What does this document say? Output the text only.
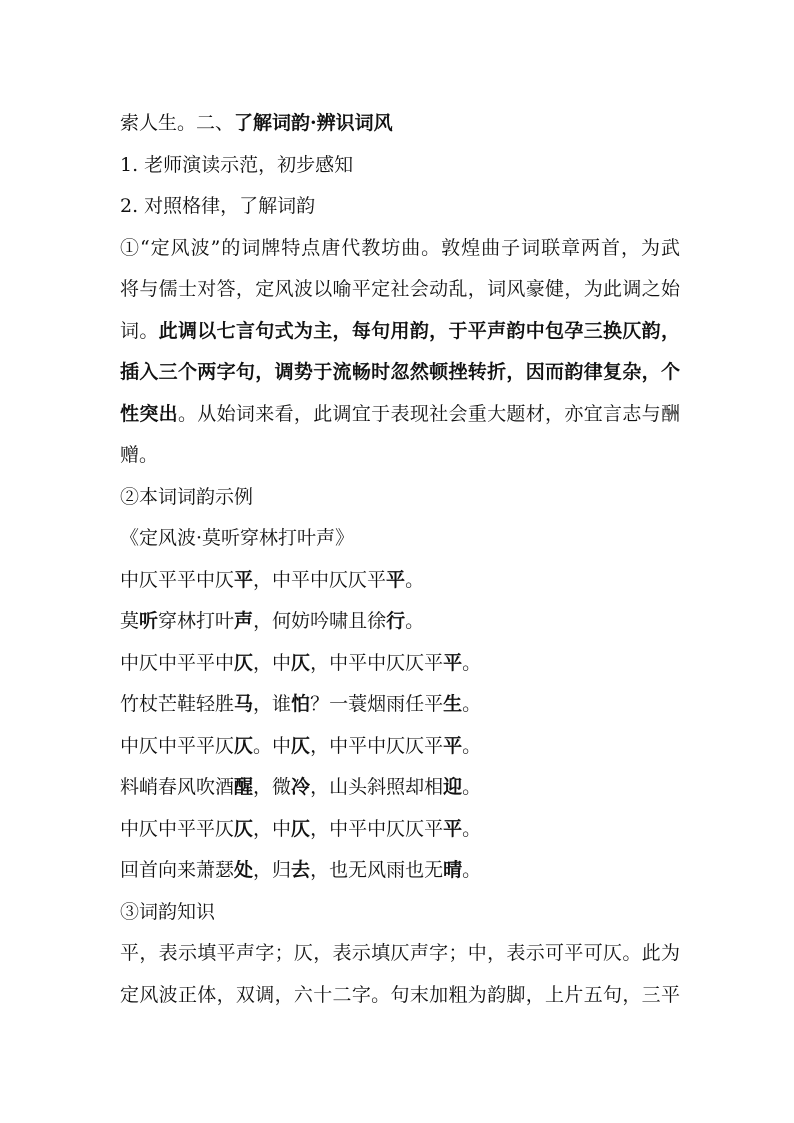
索人生。二、了解词韵·辨识词风
1. 老师演读示范，初步感知
2. 对照格律，了解词韵
①“定风波”的词牌特点唐代教坊曲。敦煌曲子词联章两首，为武
将与儒士对答，定风波以喻平定社会动乱，词风豪健，为此调之始
词。此调以七言句式为主，每句用韵，于平声韵中包孕三换仄韵，
插入三个两字句，调势于流畅时忽然顿挫转折，因而韵律复杂，个
性突出。从始词来看，此调宜于表现社会重大题材，亦宜言志与酬
赠。
②本词词韵示例
《定风波·莫听穿林打叶声》
中仄平平中仄平，中平中仄仄平平。
莫听穿林打叶声，何妨吟啸且徐行。
中仄中平平中仄，中仄，中平中仄仄平平。
竹杖芒鞋轻胜马，谁怕？一蓑烟雨任平生。
中仄中平平仄仄。中仄，中平中仄仄平平。
料峭春风吹酒醒，微冷，山头斜照却相迎。
中仄中平平仄仄，中仄，中平中仄仄平平。
回首向来萧瑟处，归去，也无风雨也无晴。
③词韵知识
平，表示填平声字；仄，表示填仄声字；中，表示可平可仄。此为
定风波正体，双调，六十二字。句末加粗为韵脚，上片五句，三平
